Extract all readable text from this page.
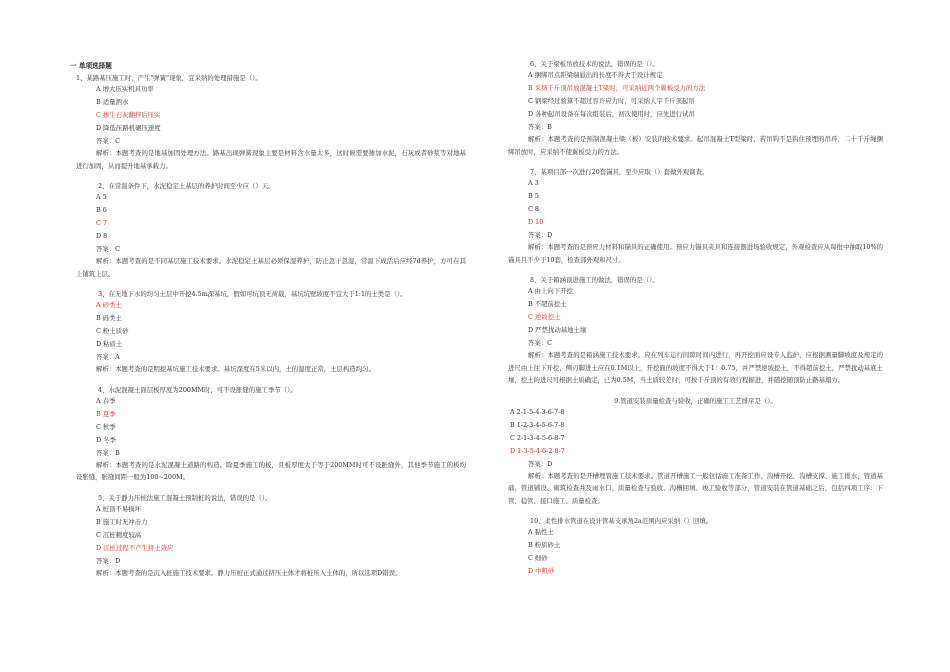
一 单项选择题
1、某路基压施工时，产生"弹簧"现象，宜采纳的处理措施是（）。
A 增大压实机具功率
B 适量洒水
C 掺生石灰翻拌后压实
D 降低压路机碾压速度
答案：C
解析：本题考查的是地基加固处理方法。路基出现弹簧现象主要是材料含水量太多，这时候需要掺加水泥，石灰或者砂浆等对地基进行加固，从而提升地基承载力。
2、在常温条件下，水泥稳定土基层的养护时间至少应（）天。
A 5
B 6
C 7
D 8
答案：C
解析：本题考查的是不同基层施工技术要求。水泥稳定土基层必须保湿养护，防止忽干忽湿，常温下成活后应经7d养护，方可在其上铺筑上层。
3、在无地下水的均匀土层中开挖4.5m深基坑，假如可坑顶无荷载，基坑坑壁坡度不宜大于1:1的土类是（）。
A 砂类土
B 砾类土
C 粉土质砂
D 粘质土
答案：A
解析：本题考查的是明挖基坑施工技术要求。基坑深度在5米以内，土的湿度正常，土层构造均匀。
4、水泥混凝土面层板厚度为200MM时，可不设胀缝的施工季节（）。
A 春季
B 夏季
C 秋季
D 冬季
答案：B
解析：本题考查的是水泥混凝土道路的构造。除夏季施工的板，且板厚度大于等于200MM时可不设胀缝外，其他季节施工的板均设胀缝，胀缝间距一般为100~200M。
5、关于静力压桩法施工混凝土预制桩的说法，错误的是（）。
A 桩顶不易损坏
B 施工时无冲击力
C 沉桩精度较高
D 沉桩过程不产生挤土效应
答案：D
解析：本题考查的是沉入桩施工技术要求。静力压桩正式通过挤压土体才将桩压入土体的，所以选项D错误。
6、关于梁板吊放技术的说法，错误的是（）。
A 捆绑吊点距梁端悬出的长度不得大于设计规定
B 采纳千斤顶吊放混凝土T梁时，可采纳近两个翼板受力的方法
C 钢梁经过验算不超过容许应力时，可采纳人字千斤顶起吊
D 各种起吊设备在每次组装后，初次使用时，应先进行试吊
答案：B
解析：本题考查的是预制混凝土梁（板）安装的技术要求。起吊混凝土T型梁时，若吊钩不是钩住预埋的吊环，二十千斤绳捆绑吊放时，应采纳不使翼板受力的方法。
7、某项目部一次进行20套锚具，至少应取（）套做外观调查。
A 3
B 5
C 8
D 10
答案：D
解析：本题考查的是预应力材料和锚具的正确使用。预应力锚具夹具和连接器进场验收规定，外观检查应从每批中抽取10%的锚具且不少于10套，检查部外观和尺寸。
8、关于箱涵顶进施工的做法，错误的是（）。
A 由上向下开挖
B 不超前挖土
C 逆坡挖土
D 严禁扰动基地土壤
答案：C
解析：本题考查的是箱涵施工技术要求。应在列车运行间隙时间内进行，再开挖面应设专人监护，应根据测量脚坡度及规定的进尺由上往下开挖，侧刃脚进土应在0.1M以上，开挖面的坡度不得大于1：0.75，并严禁逆坡挖土，不得超前挖土，严禁扰动基底土壤，挖土的进尺可根据土质确定，已为0.5M，当土质较差时，可按千斤顶的有效行程掘进，并随挖随顶防止路基塌方。
9.管道安装质量检查与验收，正确的施工工艺排序是（）。
A 2-1-5-4-3-6-7-8
B 1-2-3-4-5-6-7-8
C 2-1-3-4-5-6-8-7
D 1-3-5-4-6-2-8-7
答案：D
解析：本题考查的是开槽埋管施工技术要求。管道开槽施工一般包括施工准备工作、沟槽开挖、沟槽支撑、施工排水、管道基础、管道铺设、砌筑检查井及雨水口、质量检查与验收、沟槽回填、竣工验收等部分，管道安装在管道基础之后，包括四项工序：下管、稳管、接口施工、质量检查。
10、柔性排水管道在设计管基支承角2a范围内应采纳（）回填。
A 黏性土
B 粉质砂土
C 细砂
D 中粗砂
